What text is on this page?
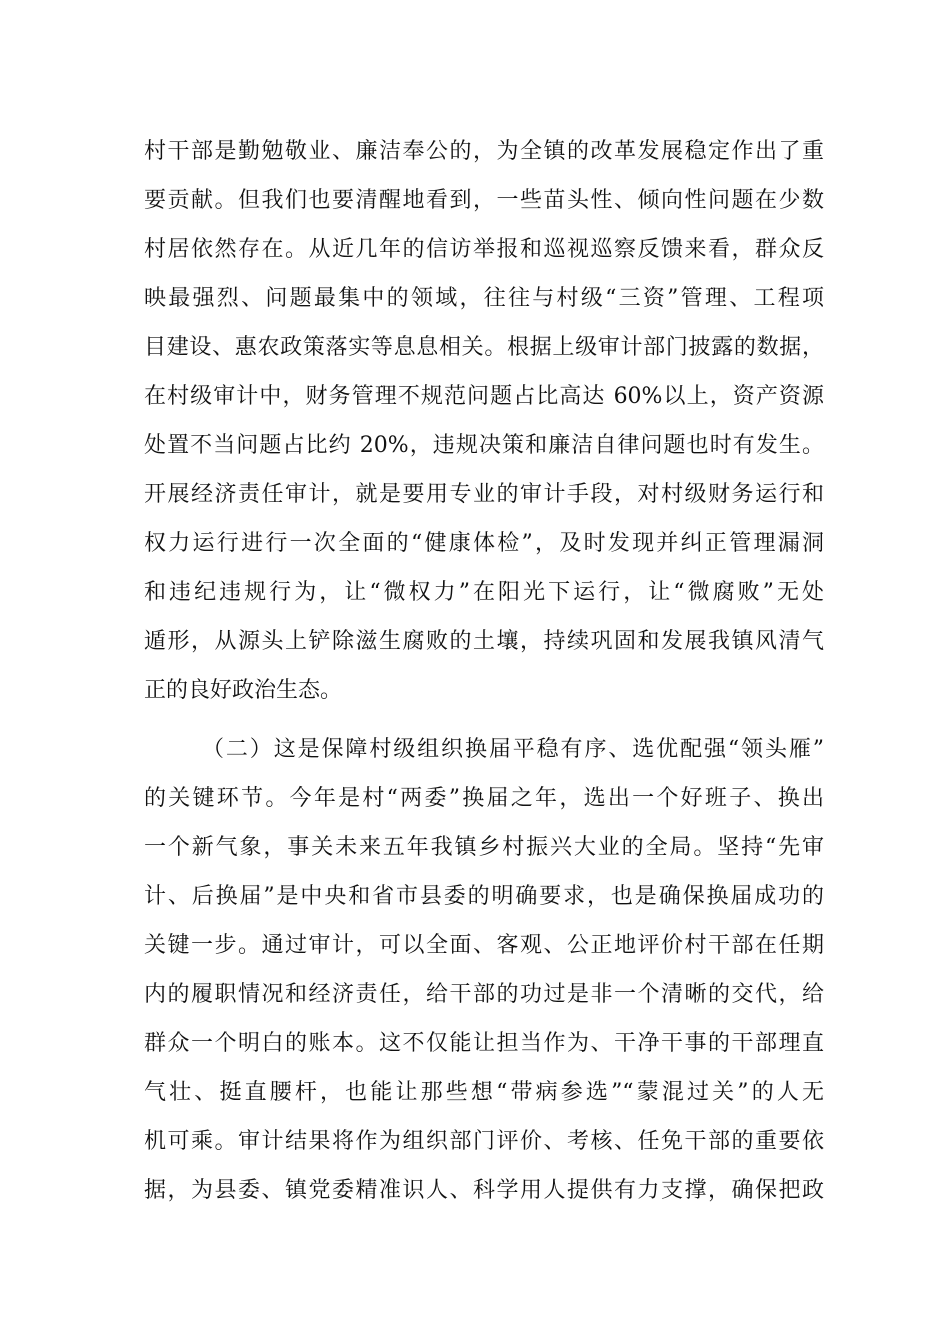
村干部是勤勉敬业、廉洁奉公的，为全镇的改革发展稳定作出了重
要贡献。但我们也要清醒地看到，一些苗头性、倾向性问题在少数
村居依然存在。从近几年的信访举报和巡视巡察反馈来看，群众反
映最强烈、问题最集中的领域，往往与村级“三资”管理、工程项
目建设、惠农政策落实等息息相关。根据上级审计部门披露的数据，
在村级审计中，财务管理不规范问题占比高达 60%以上，资产资源
处置不当问题占比约 20%，违规决策和廉洁自律问题也时有发生。
开展经济责任审计，就是要用专业的审计手段，对村级财务运行和
权力运行进行一次全面的“健康体检”，及时发现并纠正管理漏洞
和违纪违规行为，让“微权力”在阳光下运行，让“微腐败”无处
遁形，从源头上铲除滋生腐败的土壤，持续巩固和发展我镇风清气
正的良好政治生态。
（二）这是保障村级组织换届平稳有序、选优配强“领头雁”
的关键环节。今年是村“两委”换届之年，选出一个好班子、换出
一个新气象，事关未来五年我镇乡村振兴大业的全局。坚持“先审
计、后换届”是中央和省市县委的明确要求，也是确保换届成功的
关键一步。通过审计，可以全面、客观、公正地评价村干部在任期
内的履职情况和经济责任，给干部的功过是非一个清晰的交代，给
群众一个明白的账本。这不仅能让担当作为、干净干事的干部理直
气壮、挺直腰杆，也能让那些想“带病参选”“蒙混过关”的人无
机可乘。审计结果将作为组织部门评价、考核、任免干部的重要依
据，为县委、镇党委精准识人、科学用人提供有力支撑，确保把政
